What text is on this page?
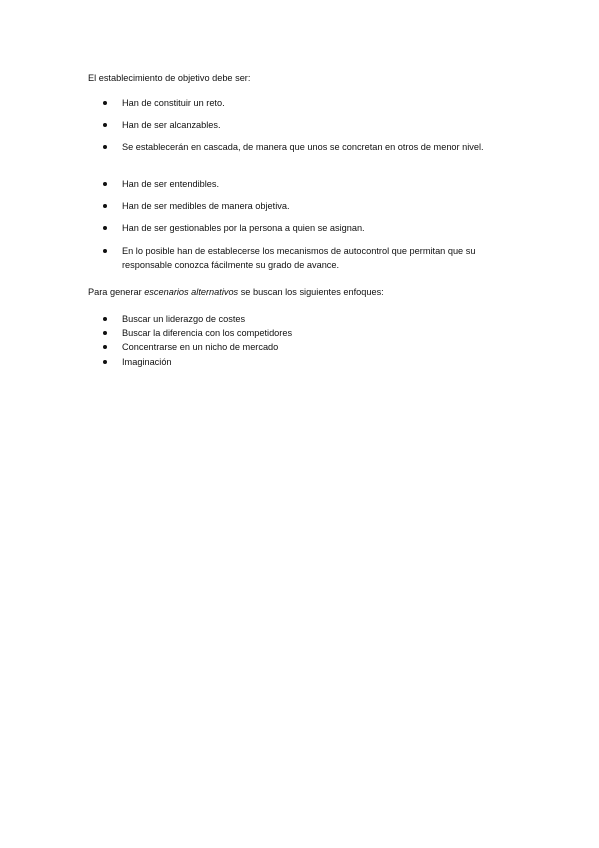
El establecimiento de objetivo debe ser:
Han de constituir un reto.
Han de ser alcanzables.
Se establecerán en cascada, de manera que unos se concretan en otros de menor nivel.
Han de ser entendibles.
Han de ser medibles de manera objetiva.
Han de ser gestionables por la persona a quien se asignan.
En lo posible han de establecerse los mecanismos de autocontrol que permitan que su responsable conozca fácilmente su grado de avance.
Para generar escenarios alternativos se buscan los siguientes enfoques:
Buscar un liderazgo de costes
Buscar la diferencia con los competidores
Concentrarse en un nicho de mercado
Imaginación
